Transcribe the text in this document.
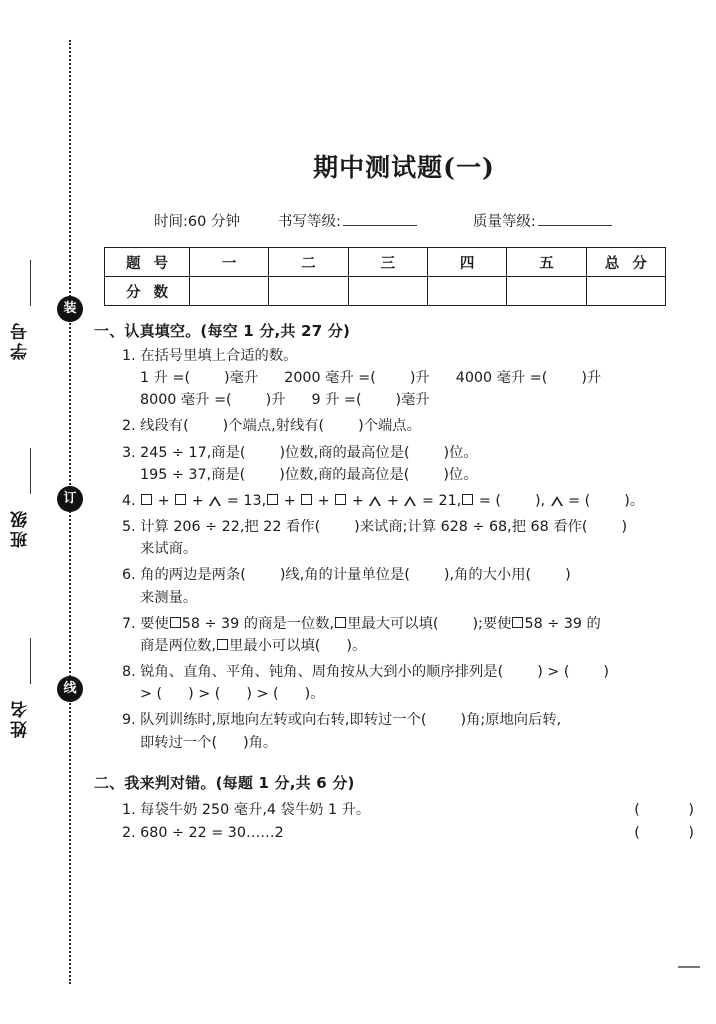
学号
班级
姓名
装
订
线
期中测试题(一)
时间:60 分钟	书写等级:	质量等级:
题 号	一	二	三	四	五	总 分
分 数						
一、认真填空。(每空 1 分,共 27 分)
1. 在括号里填上合适的数。
1 升 =( )毫升 2000 毫升 =( )升 4000 毫升 =( )升
8000 毫升 =( )升 9 升 =( )毫升
2. 线段有( )个端点,射线有( )个端点。
3. 245 ÷ 17,商是( )位数,商的最高位是( )位。
195 ÷ 37,商是( )位数,商的最高位是( )位。
4.  +  +  = 13, +  +  +  +  = 21, = ( ),  = ( )。
5. 计算 206 ÷ 22,把 22 看作( )来试商;计算 628 ÷ 68,把 68 看作( )
来试商。
6. 角的两边是两条( )线,角的计量单位是( ),角的大小用( )
来测量。
7. 要使 58 ÷ 39 的商是一位数, 里最大可以填( );要使 58 ÷ 39 的
商是两位数, 里最小可以填( )。
8. 锐角、直角、平角、钝角、周角按从大到小的顺序排列是( ) > ( )
> ( ) > ( ) > ( )。
9. 队列训练时,原地向左转或向右转,即转过一个( )角;原地向后转,
即转过一个( )角。
二、我来判对错。(每题 1 分,共 6 分)
1. 每袋牛奶 250 毫升,4 袋牛奶 1 升。	( )
2. 680 ÷ 22 = 30……2	( )
